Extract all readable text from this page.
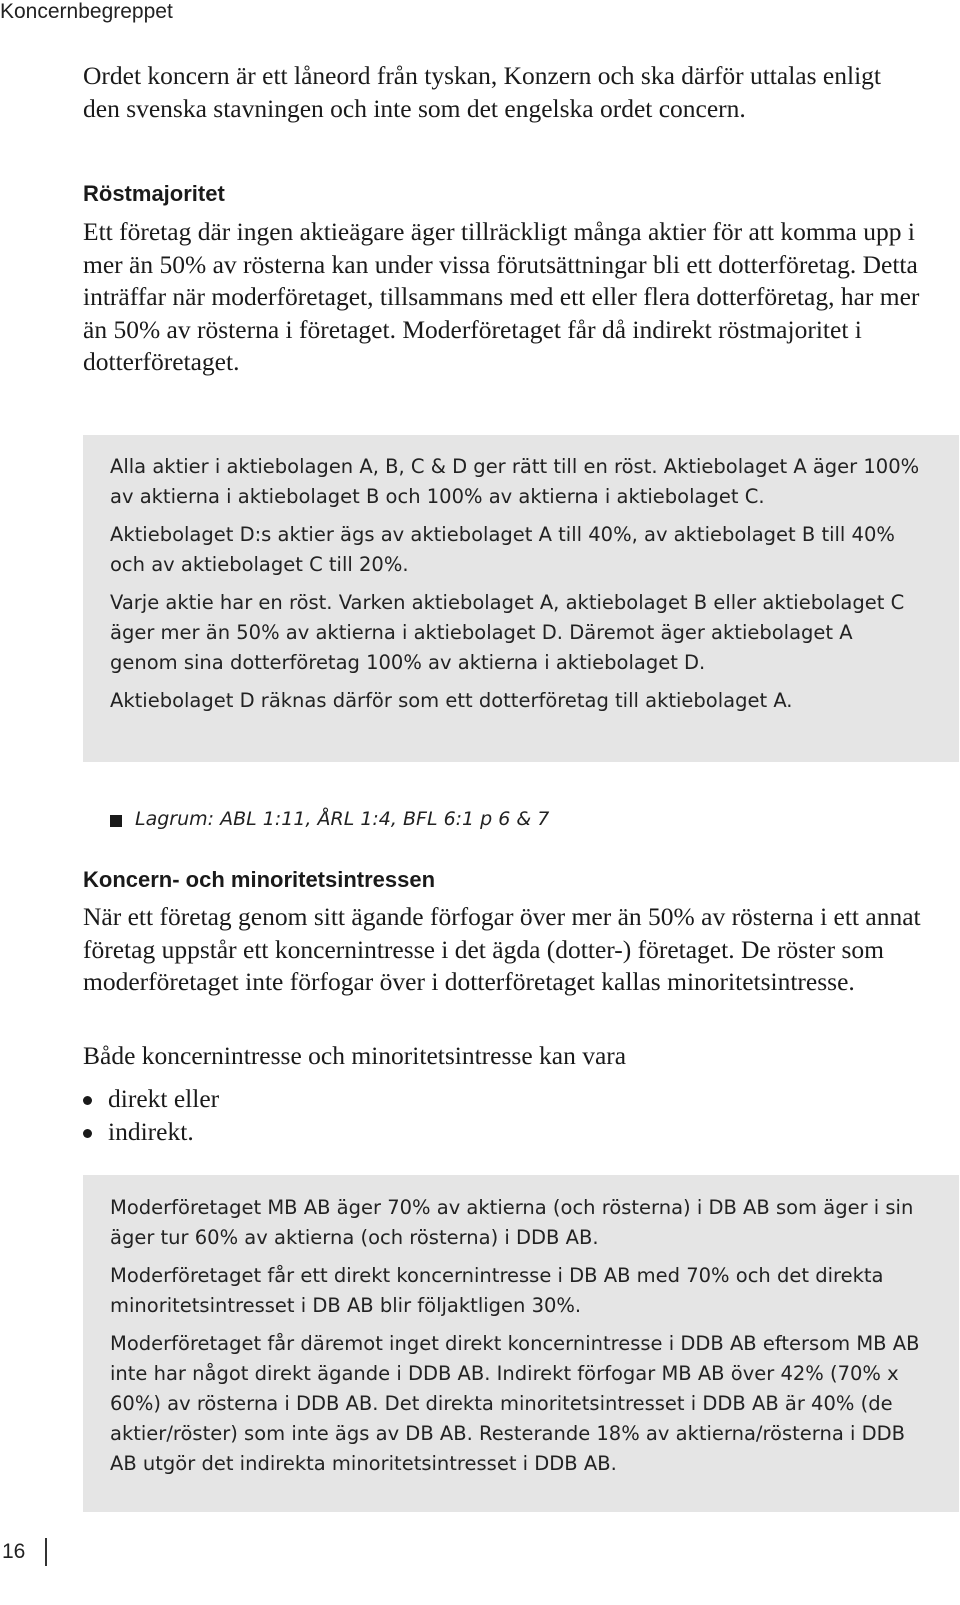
Koncernbegreppet
Ordet koncern är ett låneord från tyskan, Konzern och ska därför uttalas enligt den svenska stavningen och inte som det engelska ordet concern.
Röstmajoritet
Ett företag där ingen aktieägare äger tillräckligt många aktier för att komma upp i mer än 50% av rösterna kan under vissa förutsättningar bli ett dotterföretag. Detta inträffar när moderföretaget, tillsammans med ett eller flera dotterföretag, har mer än 50% av rösterna i företaget. Moderföretaget får då indirekt röstmajoritet i dotterföretaget.

Alla aktier i aktiebolagen A, B, C & D ger rätt till en röst. Aktiebolaget A äger 100% av aktierna i aktiebolaget B och 100% av aktierna i aktiebolaget C.

Aktiebolaget D:s aktier ägs av aktiebolaget A till 40%, av aktiebolaget B till 40% och av aktiebolaget C till 20%.

Varje aktie har en röst. Varken aktiebolaget A, aktiebolaget B eller aktiebolaget C äger mer än 50% av aktierna i aktiebolaget D. Däremot äger aktiebolaget A genom sina dotterföretag 100% av aktierna i aktiebolaget D.

Aktiebolaget D räknas därför som ett dotterföretag till aktiebolaget A.

Lagrum: ABL 1:11, ÅRL 1:4, BFL 6:1 p 6 & 7
Koncern- och minoritetsintressen
När ett företag genom sitt ägande förfogar över mer än 50% av rösterna i ett annat företag uppstår ett koncernintresse i det ägda (dotter-) företaget. De röster som moderföretaget inte förfogar över i dotterföretaget kallas minoritetsintresse.
Både koncernintresse och minoritetsintresse kan vara
direkt eller
indirekt.

Moderföretaget MB AB äger 70% av aktierna (och rösterna) i DB AB som äger i sin äger tur 60% av aktierna (och rösterna) i DDB AB.

Moderföretaget får ett direkt koncernintresse i DB AB med 70% och det direkta minoritetsintresset i DB AB blir följaktligen 30%.

Moderföretaget får däremot inget direkt koncernintresse i DDB AB eftersom MB AB inte har något direkt ägande i DDB AB. Indirekt förfogar MB AB över 42% (70% x 60%) av rösterna i DDB AB. Det direkta minoritetsintresset i DDB AB är 40% (de aktier/röster) som inte ägs av DB AB. Resterande 18% av aktierna/rösterna i DDB AB utgör det indirekta minoritetsintresset i DDB AB.

16
